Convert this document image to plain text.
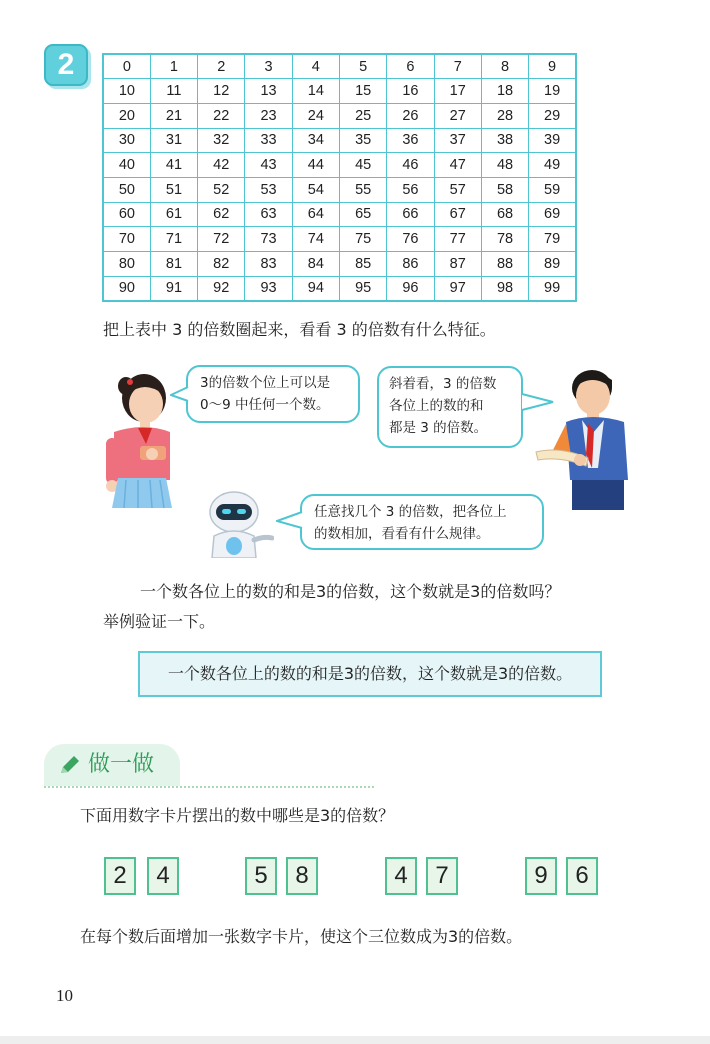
2	0	1	2	3	4	5	6	7	8	9
10	11	12	13	14	15	16	17	18	19
20	21	22	23	24	25	26	27	28	29
30	31	32	33	34	35	36	37	38	39
40	41	42	43	44	45	46	47	48	49
50	51	52	53	54	55	56	57	58	59
60	61	62	63	64	65	66	67	68	69
70	71	72	73	74	75	76	77	78	79
80	81	82	83	84	85	86	87	88	89
90	91	92	93	94	95	96	97	98	99
把上表中 3 的倍数圈起来，看看 3 的倍数有什么特征。
3的倍数个位上可以是
0～9 中任何一个数。
斜着看，3 的倍数
各位上的数的和
都是 3 的倍数。
任意找几个 3 的倍数，把各位上
的数相加，看看有什么规律。
一个数各位上的数的和是3的倍数，这个数就是3的倍数吗？
举例验证一下。
一个数各位上的数的和是3的倍数，这个数就是3的倍数。
做一做
下面用数字卡片摆出的数中哪些是3的倍数？
2	4	5	8	4	7	9	6
在每个数后面增加一张数字卡片，使这个三位数成为3的倍数。
10
